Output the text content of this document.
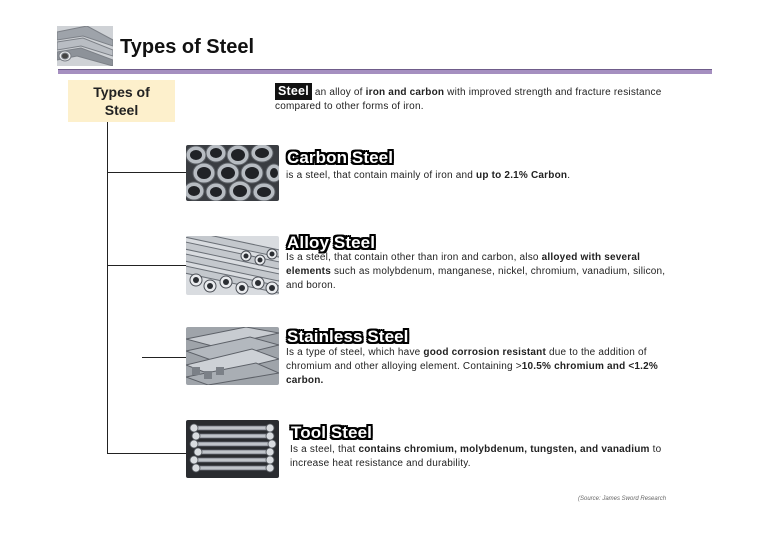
Types of Steel
Types of
Steel
Steel an alloy of iron and carbon with improved strength and fracture resistance compared to other forms of iron.
Carbon Steel
is a steel, that contain mainly of iron and up to 2.1% Carbon.
Alloy Steel
Is a steel, that contain other than iron and carbon, also alloyed with several elements such as molybdenum, manganese, nickel, chromium, vanadium, silicon, and boron.
Stainless Steel
Is a type of steel, which have good corrosion resistant due to the addition of chromium and other alloying element. Containing >10.5% chromium and <1.2% carbon.
Tool Steel
Is a steel, that contains chromium, molybdenum, tungsten, and vanadium to increase heat resistance and durability.
(Source: James Sword Research
